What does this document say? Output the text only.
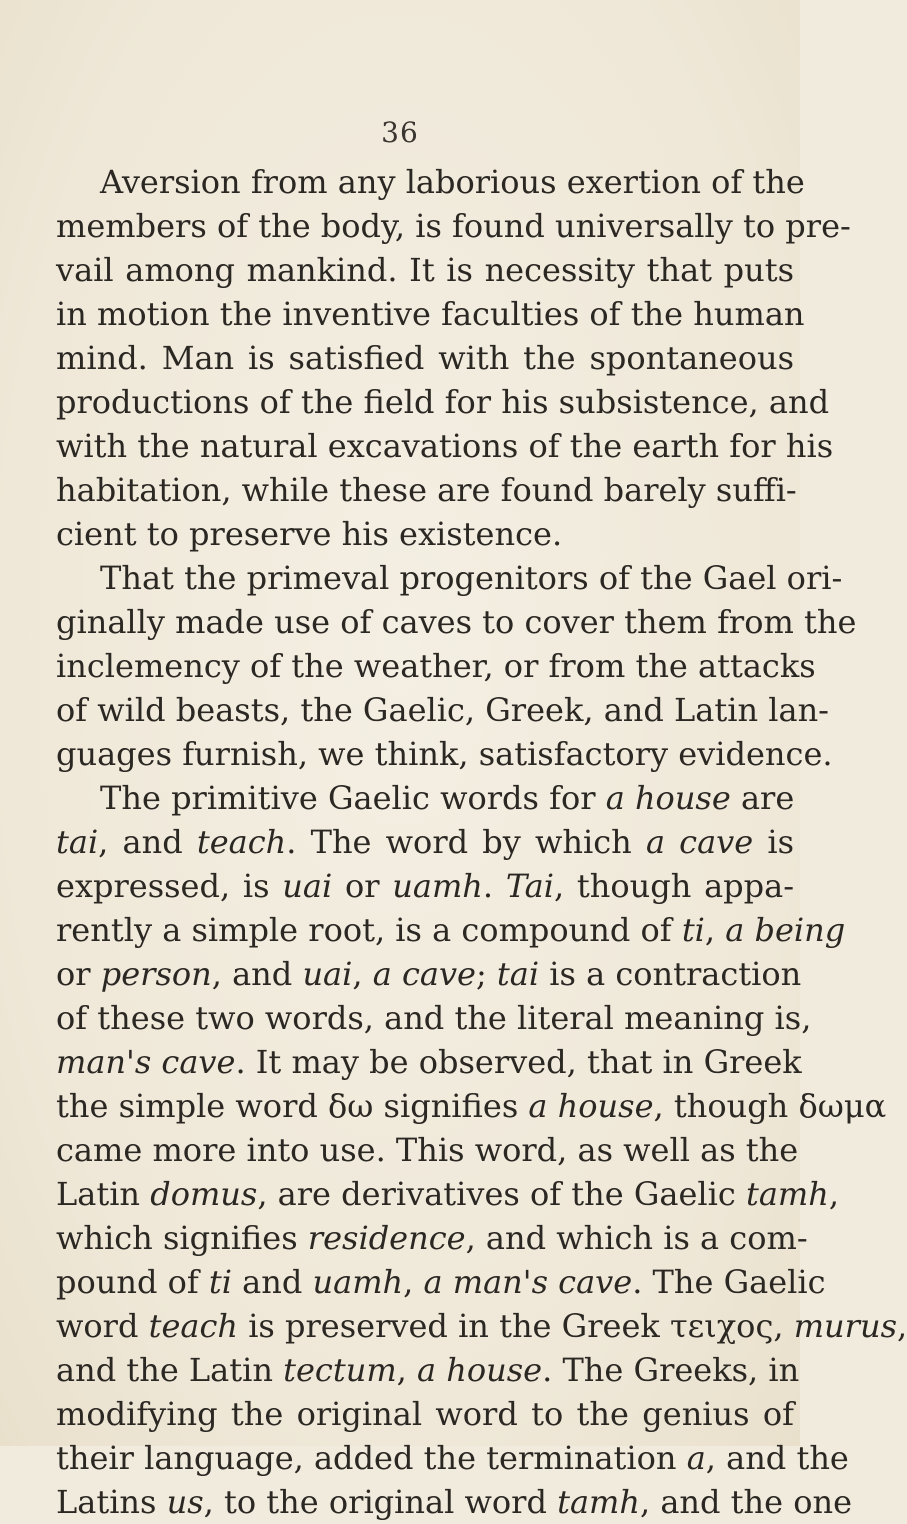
36
Aversion from any laborious exertion of the
members of the body, is found universally to pre-
vail among mankind. It is necessity that puts
in motion the inventive faculties of the human
mind. Man is satisfied with the spontaneous
productions of the field for his subsistence, and
with the natural excavations of the earth for his
habitation, while these are found barely suffi-
cient to preserve his existence.
That the primeval progenitors of the Gael ori-
ginally made use of caves to cover them from the
inclemency of the weather, or from the attacks
of wild beasts, the Gaelic, Greek, and Latin lan-
guages furnish, we think, satisfactory evidence.
The primitive Gaelic words for a house are
tai, and teach. The word by which a cave is
expressed, is uai or uamh. Tai, though appa-
rently a simple root, is a compound of ti, a being
or person, and uai, a cave; tai is a contraction
of these two words, and the literal meaning is,
man's cave. It may be observed, that in Greek
the simple word δω signifies a house, though δωμα
came more into use. This word, as well as the
Latin domus, are derivatives of the Gaelic tamh,
which signifies residence, and which is a com-
pound of ti and uamh, a man's cave. The Gaelic
word teach is preserved in the Greek τειχος, murus,
and the Latin tectum, a house. The Greeks, in
modifying the original word to the genius of
their language, added the termination a, and the
Latins us, to the original word tamh, and the one
